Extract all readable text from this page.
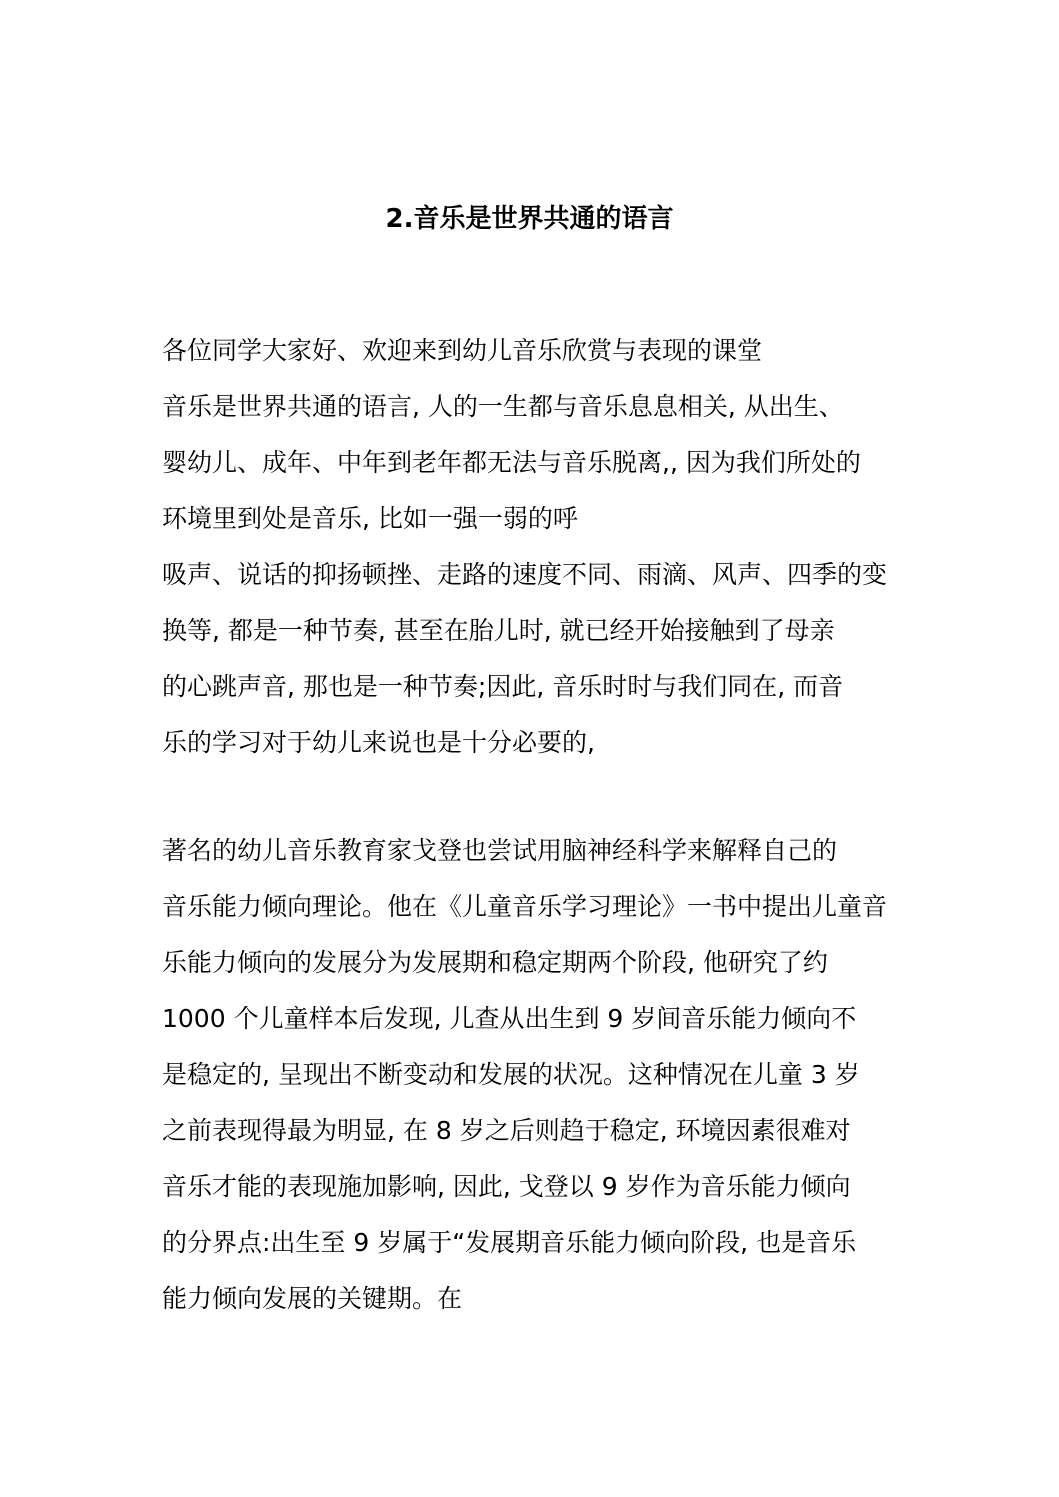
2.音乐是世界共通的语言
各位同学大家好、欢迎来到幼儿音乐欣赏与表现的课堂
音乐是世界共通的语言, 人的一生都与音乐息息相关, 从出生、
婴幼儿、成年、中年到老年都无法与音乐脱离,, 因为我们所处的
环境里到处是音乐, 比如一强一弱的呼
吸声、说话的抑扬顿挫、走路的速度不同、雨滴、风声、四季的变
换等, 都是一种节奏, 甚至在胎儿时, 就已经开始接触到了母亲
的心跳声音, 那也是一种节奏;因此, 音乐时时与我们同在, 而音
乐的学习对于幼儿来说也是十分必要的,
著名的幼儿音乐教育家戈登也尝试用脑神经科学来解释自己的
音乐能力倾向理论。他在《儿童音乐学习理论》一书中提出儿童音
乐能力倾向的发展分为发展期和稳定期两个阶段, 他研究了约
1000 个儿童样本后发现, 儿查从出生到 9 岁间音乐能力倾向不
是稳定的, 呈现出不断变动和发展的状况。这种情况在儿童 3 岁
之前表现得最为明显, 在 8 岁之后则趋于稳定, 环境因素很难对
音乐才能的表现施加影响, 因此, 戈登以 9 岁作为音乐能力倾向
的分界点:出生至 9 岁属于“发展期音乐能力倾向阶段, 也是音乐
能力倾向发展的关键期。在
